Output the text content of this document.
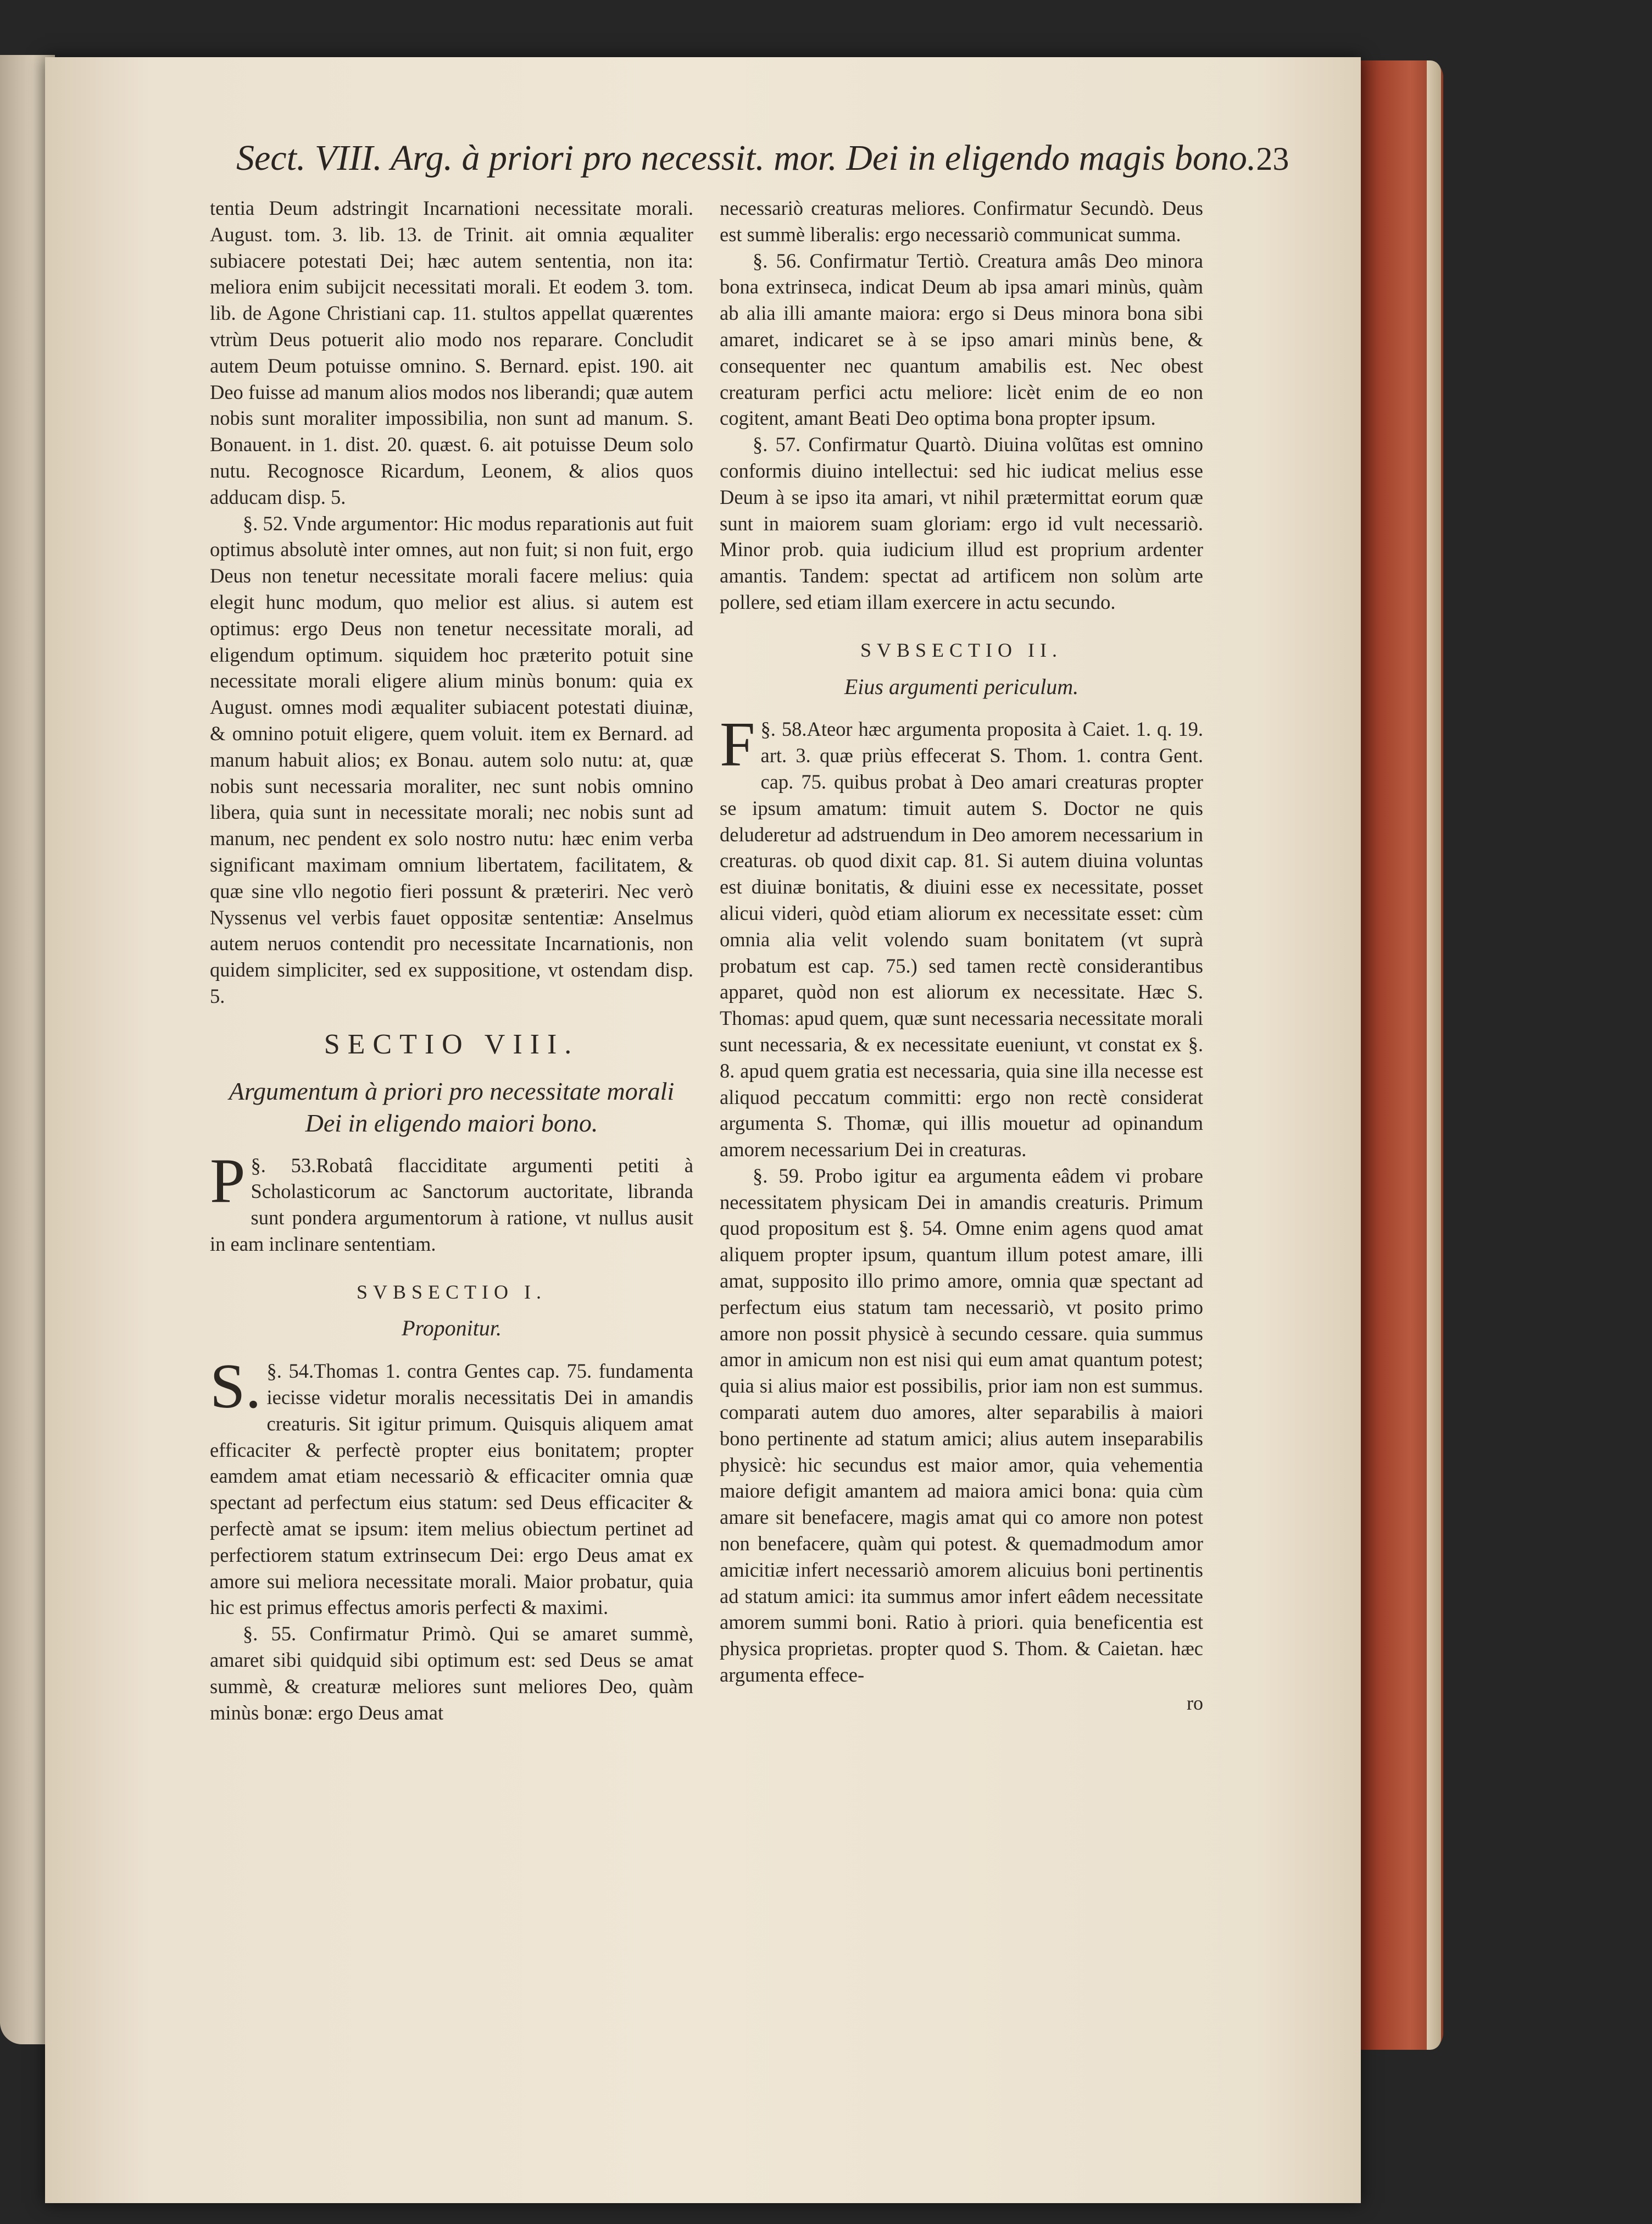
Sect. VIII. Arg. à priori pro necessit. mor. Dei in eligendo magis bono. 23

tentia Deum adstringit Incarnationi necessitate morali. August. tom. 3. lib. 13. de Trinit. ait omnia æqualiter subiacere potestati Dei; hæc autem sententia, non ita: meliora enim subijcit necessitati morali. Et eodem 3. tom. lib. de Agone Christiani cap. 11. stultos appellat quærentes vtrùm Deus potuerit alio modo nos reparare. Concludit autem Deum potuisse omnino. S. Bernard. epist. 190. ait Deo fuisse ad manum alios modos nos liberandi; quæ autem nobis sunt moraliter impossibilia, non sunt ad manum. S. Bonauent. in 1. dist. 20. quæst. 6. ait potuisse Deum solo nutu. Recognosce Ricardum, Leonem, & alios quos adducam disp. 5.

§. 52. Vnde argumentor: Hic modus reparationis aut fuit optimus absolutè inter omnes, aut non fuit; si non fuit, ergo Deus non tenetur necessitate morali facere melius: quia elegit hunc modum, quo melior est alius. si autem est optimus: ergo Deus non tenetur necessitate morali, ad eligendum optimum. siquidem hoc præterito potuit sine necessitate morali eligere alium minùs bonum: quia ex August. omnes modi æqualiter subiacent potestati diuinæ, & omnino potuit eligere, quem voluit. item ex Bernard. ad manum habuit alios; ex Bonau. autem solo nutu: at, quæ nobis sunt necessaria moraliter, nec sunt nobis omnino libera, quia sunt in necessitate morali; nec nobis sunt ad manum, nec pendent ex solo nostro nutu: hæc enim verba significant maximam omnium libertatem, facilitatem, & quæ sine vllo negotio fieri possunt & præteriri. Nec verò Nyssenus vel verbis fauet oppositæ sententiæ: Anselmus autem neruos contendit pro necessitate Incarnationis, non quidem simpliciter, sed ex suppositione, vt ostendam disp. 5.

SECTIO VIII.
Argumentum à priori pro necessitate morali Dei in eligendo maiori bono.

§. 53.
P	Robatâ flacciditate argumenti petiti à Scholasticorum ac Sanctorum auctoritate, libranda sunt pondera argumentorum à ratione, vt nullus ausit in eam inclinare sententiam.

SVBSECTIO I.
Proponitur.

§. 54.
S.	Thomas 1. contra Gentes cap. 75. fundamenta iecisse videtur moralis necessitatis Dei in amandis creaturis. Sit igitur primum. Quisquis aliquem amat efficaciter & perfectè propter eius bonitatem; propter eamdem amat etiam necessariò & efficaciter omnia quæ spectant ad perfectum eius statum: sed Deus efficaciter & perfectè amat se ipsum: item melius obiectum pertinet ad perfectiorem statum extrinsecum Dei: ergo Deus amat ex amore sui meliora necessitate morali. Maior probatur, quia hic est primus effectus amoris perfecti & maximi.

§. 55. Confirmatur Primò. Qui se amaret summè, amaret sibi quidquid sibi optimum est: sed Deus se amat summè, & creaturæ meliores sunt meliores Deo, quàm minùs bonæ: ergo Deus amat

necessariò creaturas meliores. Confirmatur Secundò. Deus est summè liberalis: ergo necessariò communicat summa.

§. 56. Confirmatur Tertiò. Creatura amâs Deo minora bona extrinseca, indicat Deum ab ipsa amari minùs, quàm ab alia illi amante maiora: ergo si Deus minora bona sibi amaret, indicaret se à se ipso amari minùs bene, & consequenter nec quantum amabilis est. Nec obest creaturam perfici actu meliore: licèt enim de eo non cogitent, amant Beati Deo optima bona propter ipsum.

§. 57. Confirmatur Quartò. Diuina volũtas est omnino conformis diuino intellectui: sed hic iudicat melius esse Deum à se ipso ita amari, vt nihil prætermittat eorum quæ sunt in maiorem suam gloriam: ergo id vult necessariò. Minor prob. quia iudicium illud est proprium ardenter amantis. Tandem: spectat ad artificem non solùm arte pollere, sed etiam illam exercere in actu secundo.

SVBSECTIO II.
Eius argumenti periculum.

§. 58.
F	Ateor hæc argumenta proposita à Caiet. 1. q. 19. art. 3. quæ priùs effecerat S. Thom. 1. contra Gent. cap. 75. quibus probat à Deo amari creaturas propter se ipsum amatum: timuit autem S. Doctor ne quis deluderetur ad adstruendum in Deo amorem necessarium in creaturas. ob quod dixit cap. 81. Si autem diuina voluntas est diuinæ bonitatis, & diuini esse ex necessitate, posset alicui videri, quòd etiam aliorum ex necessitate esset: cùm omnia alia velit volendo suam bonitatem (vt suprà probatum est cap. 75.) sed tamen rectè considerantibus apparet, quòd non est aliorum ex necessitate. Hæc S. Thomas: apud quem, quæ sunt necessaria necessitate morali sunt necessaria, & ex necessitate eueniunt, vt constat ex §. 8. apud quem gratia est necessaria, quia sine illa necesse est aliquod peccatum committi: ergo non rectè considerat argumenta S. Thomæ, qui illis mouetur ad opinandum amorem necessarium Dei in creaturas.

§. 59. Probo igitur ea argumenta eâdem vi probare necessitatem physicam Dei in amandis creaturis. Primum quod propositum est §. 54. Omne enim agens quod amat aliquem propter ipsum, quantum illum potest amare, illi amat, supposito illo primo amore, omnia quæ spectant ad perfectum eius statum tam necessariò, vt posito primo amore non possit physicè à secundo cessare. quia summus amor in amicum non est nisi qui eum amat quantum potest; quia si alius maior est possibilis, prior iam non est summus. comparati autem duo amores, alter separabilis à maiori bono pertinente ad statum amici; alius autem inseparabilis physicè: hic secundus est maior amor, quia vehementia maiore defigit amantem ad maiora amici bona: quia cùm amare sit benefacere, magis amat qui co amore non potest non benefacere, quàm qui potest. & quemadmodum amor amicitiæ infert necessariò amorem alicuius boni pertinentis ad statum amici: ita summus amor infert eâdem necessitate amorem summi boni. Ratio à priori. quia beneficentia est physica proprietas. propter quod S. Thom. & Caietan. hæc argumenta effece-

ro
